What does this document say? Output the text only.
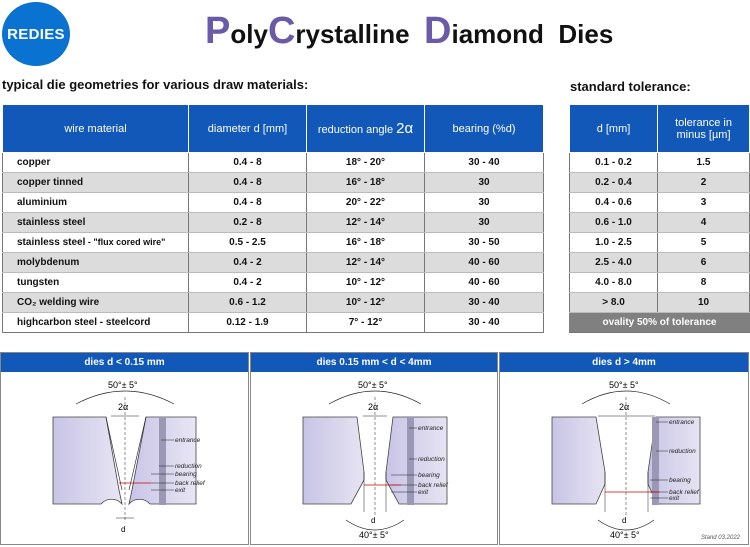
REDIES	PolyCrystalline Diamond Dies
typical die geometries for various draw materials:	standard tolerance:
wire material	diameter d [mm]	reduction angle 2α	bearing (%d)
copper	0.4 - 8	18° - 20°	30 - 40
copper tinned	0.4 - 8	16° - 18°	30
aluminium	0.4 - 8	20° - 22°	30
stainless steel	0.2 - 8	12° - 14°	30
stainless steel - "flux cored wire"	0.5 - 2.5	16° - 18°	30 - 50
molybdenum	0.4 - 2	12° - 14°	40 - 60
tungsten	0.4 - 2	10° - 12°	40 - 60
CO₂ welding wire	0.6 - 1.2	10° - 12°	30 - 40
highcarbon steel - steelcord	0.12 - 1.9	7° - 12°	30 - 40
d [mm]	tolerance in
minus [µm]
0.1 - 0.2	1.5
0.2 - 0.4	2
0.4 - 0.6	3
0.6 - 1.0	4
1.0 - 2.5	5
2.5 - 4.0	6
4.0 - 8.0	8
> 8.0	10
ovality 50% of tolerance	
dies d < 0.15 mm
50°± 5°
2α
d
entrance
reduction
bearing
back relief
exit
dies 0.15 mm < d < 4mm
50°± 5°
2α
d
40°± 5°
entrance
reduction
bearing
back relief
exit
dies d > 4mm
50°± 5°
2α
d
40°± 5°
entrance
reduction
bearing
back relief
exit
Stand 03.2022
